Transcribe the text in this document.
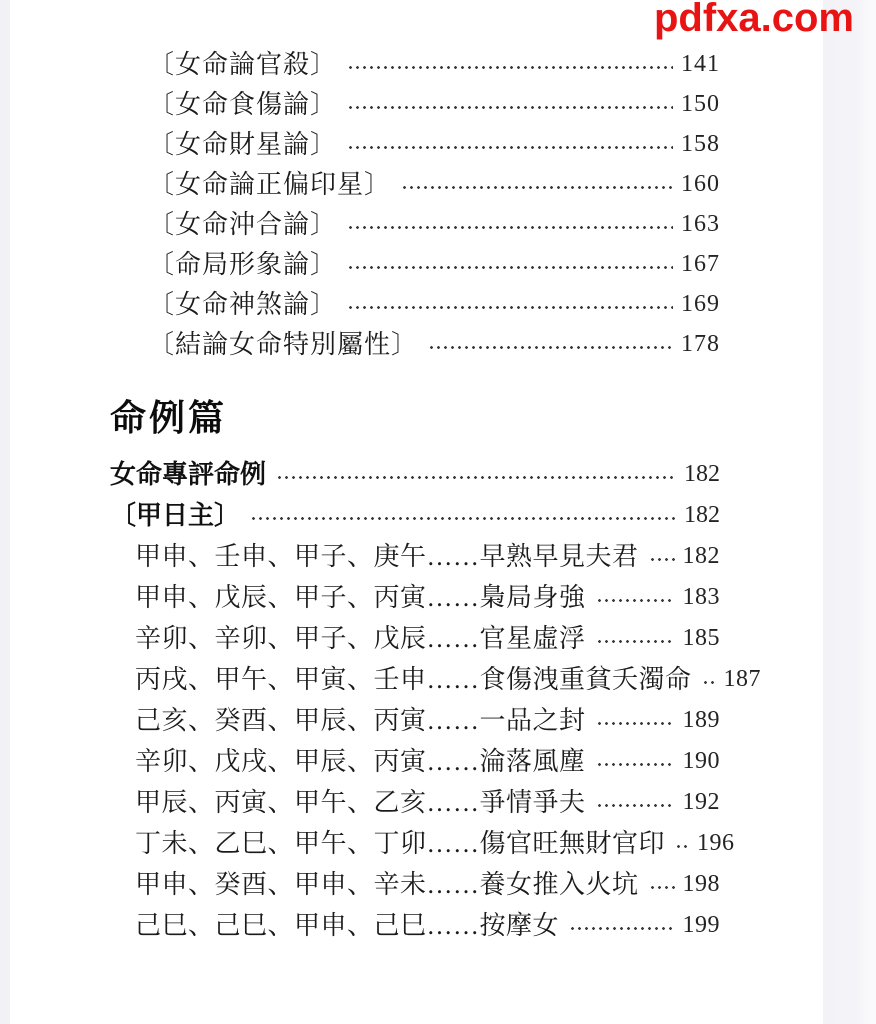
pdfxa.com
〔女命論官殺〕	141
〔女命食傷論〕	150
〔女命財星論〕	158
〔女命論正偏印星〕	160
〔女命沖合論〕	163
〔命局形象論〕	167
〔女命神煞論〕	169
〔結論女命特別屬性〕	178
命例篇
女命專評命例	182
〔甲日主〕	182
甲申、壬申、甲子、庚午……早熟早見夫君 182
甲申、戊辰、甲子、丙寅……梟局身強	183
辛卯、辛卯、甲子、戊辰……官星虛浮	185
丙戌、甲午、甲寅、壬申……食傷洩重貧夭濁命 187
己亥、癸酉、甲辰、丙寅……一品之封	189
辛卯、戊戌、甲辰、丙寅……淪落風塵	190
甲辰、丙寅、甲午、乙亥……爭情爭夫	192
丁未、乙巳、甲午、丁卯……傷官旺無財官印 196
甲申、癸酉、甲申、辛未……養女推入火坑 198
己巳、己巳、甲申、己巳……按摩女	199
